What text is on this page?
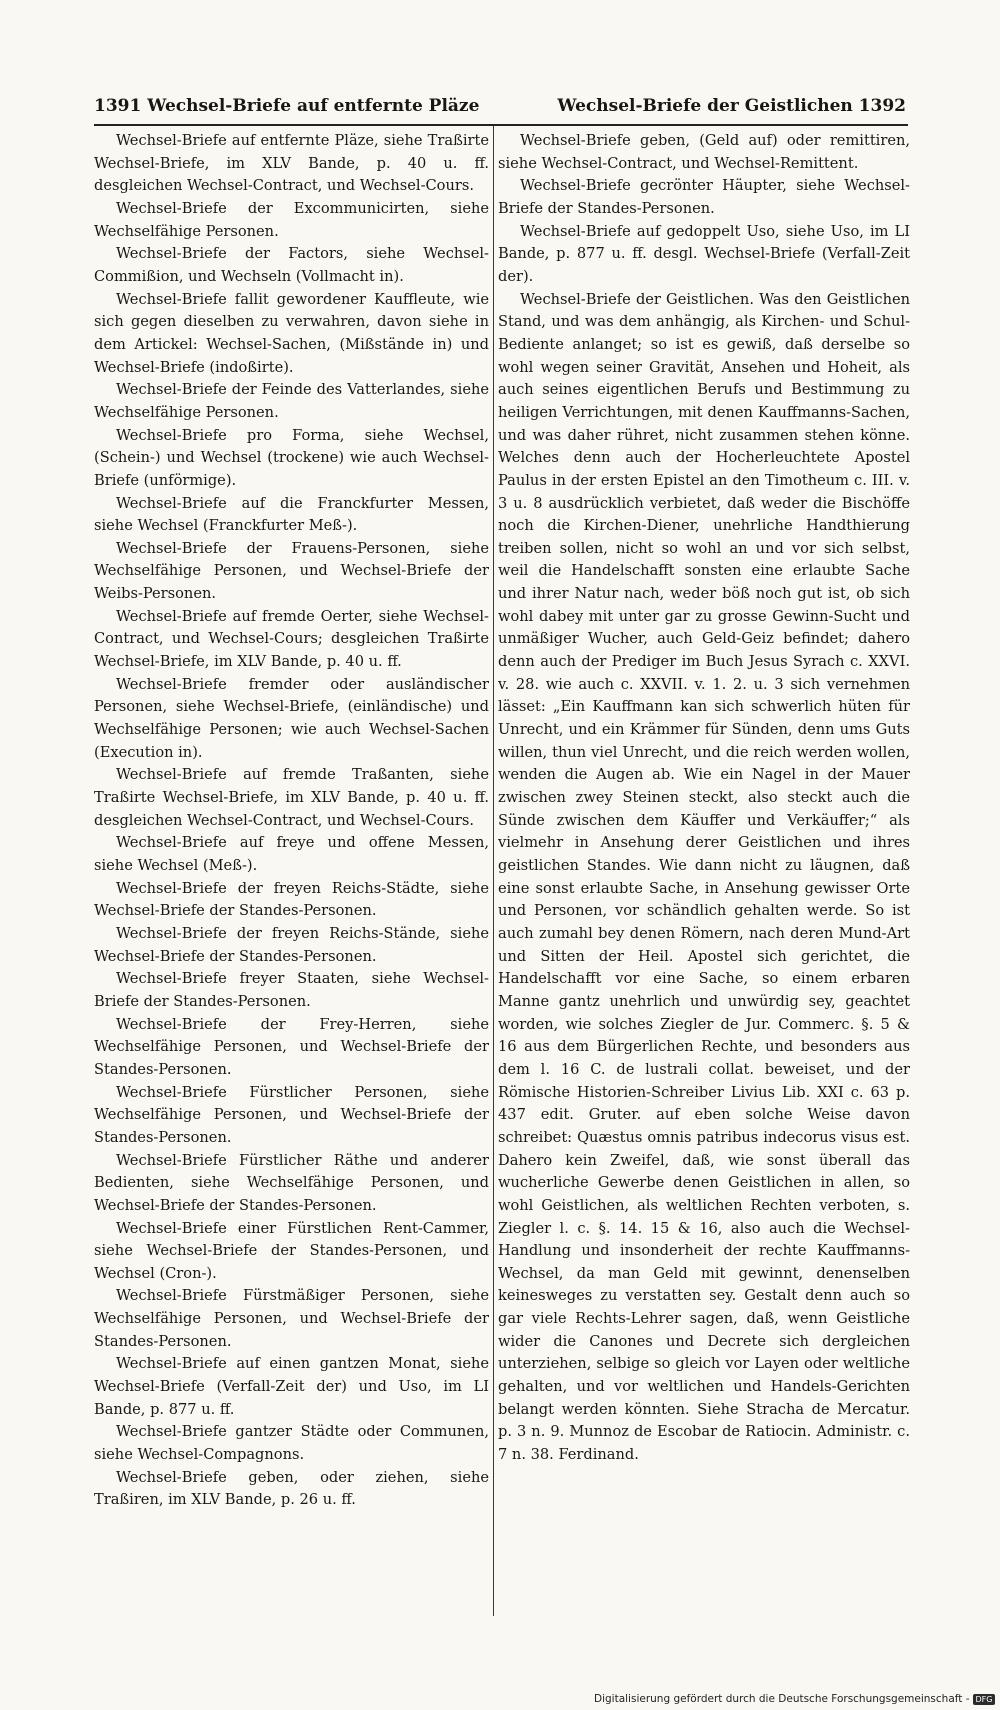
1391 Wechsel-Briefe auf entfernte Pläze	Wechsel-Briefe der Geistlichen 1392

Wechsel-Briefe auf entfernte Pläze, siehe Traßirte Wechsel-Briefe, im XLV Bande, p. 40 u. ff. desgleichen Wechsel-Contract, und Wechsel-Cours.

Wechsel-Briefe der Excommunicirten, siehe Wechselfähige Personen.

Wechsel-Briefe der Factors, siehe Wechsel-Commißion, und Wechseln (Vollmacht in).

Wechsel-Briefe fallit gewordener Kauffleute, wie sich gegen dieselben zu verwahren, davon siehe in dem Artickel: Wechsel-Sachen, (Mißstände in) und Wechsel-Briefe (indoßirte).

Wechsel-Briefe der Feinde des Vatterlandes, siehe Wechselfähige Personen.

Wechsel-Briefe pro Forma, siehe Wechsel, (Schein-) und Wechsel (trockene) wie auch Wechsel-Briefe (unförmige).

Wechsel-Briefe auf die Franckfurter Messen, siehe Wechsel (Franckfurter Meß-).

Wechsel-Briefe der Frauens-Personen, siehe Wechselfähige Personen, und Wechsel-Briefe der Weibs-Personen.

Wechsel-Briefe auf fremde Oerter, siehe Wechsel-Contract, und Wechsel-Cours; desgleichen Traßirte Wechsel-Briefe, im XLV Bande, p. 40 u. ff.

Wechsel-Briefe fremder oder ausländischer Personen, siehe Wechsel-Briefe, (einländische) und Wechselfähige Personen; wie auch Wechsel-Sachen (Execution in).

Wechsel-Briefe auf fremde Traßanten, siehe Traßirte Wechsel-Briefe, im XLV Bande, p. 40 u. ff. desgleichen Wechsel-Contract, und Wechsel-Cours.

Wechsel-Briefe auf freye und offene Messen, siehe Wechsel (Meß-).

Wechsel-Briefe der freyen Reichs-Städte, siehe Wechsel-Briefe der Standes-Personen.

Wechsel-Briefe der freyen Reichs-Stände, siehe Wechsel-Briefe der Standes-Personen.

Wechsel-Briefe freyer Staaten, siehe Wechsel-Briefe der Standes-Personen.

Wechsel-Briefe der Frey-Herren, siehe Wechselfähige Personen, und Wechsel-Briefe der Standes-Personen.

Wechsel-Briefe Fürstlicher Personen, siehe Wechselfähige Personen, und Wechsel-Briefe der Standes-Personen.

Wechsel-Briefe Fürstlicher Räthe und anderer Bedienten, siehe Wechselfähige Personen, und Wechsel-Briefe der Standes-Personen.

Wechsel-Briefe einer Fürstlichen Rent-Cammer, siehe Wechsel-Briefe der Standes-Personen, und Wechsel (Cron-).

Wechsel-Briefe Fürstmäßiger Personen, siehe Wechselfähige Personen, und Wechsel-Briefe der Standes-Personen.

Wechsel-Briefe auf einen gantzen Monat, siehe Wechsel-Briefe (Verfall-Zeit der) und Uso, im LI Bande, p. 877 u. ff.

Wechsel-Briefe gantzer Städte oder Communen, siehe Wechsel-Compagnons.

Wechsel-Briefe geben, oder ziehen, siehe Traßiren, im XLV Bande, p. 26 u. ff.

Wechsel-Briefe geben, (Geld auf) oder remittiren, siehe Wechsel-Contract, und Wechsel-Remittent.

Wechsel-Briefe gecrönter Häupter, siehe Wechsel-Briefe der Standes-Personen.

Wechsel-Briefe auf gedoppelt Uso, siehe Uso, im LI Bande, p. 877 u. ff. desgl. Wechsel-Briefe (Verfall-Zeit der).

Wechsel-Briefe der Geistlichen. Was den Geistlichen Stand, und was dem anhängig, als Kirchen- und Schul-Bediente anlanget; so ist es gewiß, daß derselbe so wohl wegen seiner Gravität, Ansehen und Hoheit, als auch seines eigentlichen Berufs und Bestimmung zu heiligen Verrichtungen, mit denen Kauffmanns-Sachen, und was daher rühret, nicht zusammen stehen könne. Welches denn auch der Hocherleuchtete Apostel Paulus in der ersten Epistel an den Timotheum c. III. v. 3 u. 8 ausdrücklich verbietet, daß weder die Bischöffe noch die Kirchen-Diener, unehrliche Handthierung treiben sollen, nicht so wohl an und vor sich selbst, weil die Handelschafft sonsten eine erlaubte Sache und ihrer Natur nach, weder böß noch gut ist, ob sich wohl dabey mit unter gar zu grosse Gewinn-Sucht und unmäßiger Wucher, auch Geld-Geiz befindet; dahero denn auch der Prediger im Buch Jesus Syrach c. XXVI. v. 28. wie auch c. XXVII. v. 1. 2. u. 3 sich vernehmen lässet: „Ein Kauffmann kan sich schwerlich hüten für Unrecht, und ein Krämmer für Sünden, denn ums Guts willen, thun viel Unrecht, und die reich werden wollen, wenden die Augen ab. Wie ein Nagel in der Mauer zwischen zwey Steinen steckt, also steckt auch die Sünde zwischen dem Käuffer und Verkäuffer;“ als vielmehr in Ansehung derer Geistlichen und ihres geistlichen Standes. Wie dann nicht zu läugnen, daß eine sonst erlaubte Sache, in Ansehung gewisser Orte und Personen, vor schändlich gehalten werde. So ist auch zumahl bey denen Römern, nach deren Mund-Art und Sitten der Heil. Apostel sich gerichtet, die Handelschafft vor eine Sache, so einem erbaren Manne gantz unehrlich und unwürdig sey, geachtet worden, wie solches Ziegler de Jur. Commerc. §. 5 & 16 aus dem Bürgerlichen Rechte, und besonders aus dem l. 16 C. de lustrali collat. beweiset, und der Römische Historien-Schreiber Livius Lib. XXI c. 63 p. 437 edit. Gruter. auf eben solche Weise davon schreibet: Quæstus omnis patribus indecorus visus est. Dahero kein Zweifel, daß, wie sonst überall das wucherliche Gewerbe denen Geistlichen in allen, so wohl Geistlichen, als weltlichen Rechten verboten, s. Ziegler l. c. §. 14. 15 & 16, also auch die Wechsel-Handlung und insonderheit der rechte Kauffmanns-Wechsel, da man Geld mit gewinnt, denenselben keinesweges zu verstatten sey. Gestalt denn auch so gar viele Rechts-Lehrer sagen, daß, wenn Geistliche wider die Canones und Decrete sich dergleichen unterziehen, selbige so gleich vor Layen oder weltliche gehalten, und vor weltlichen und Handels-Gerichten belangt werden könnten. Siehe Stracha de Mercatur. p. 3 n. 9. Munnoz de Escobar de Ratiocin. Administr. c. 7 n. 38. Ferdinand.

Digitalisierung gefördert durch die Deutsche Forschungsgemeinschaft - DFG
